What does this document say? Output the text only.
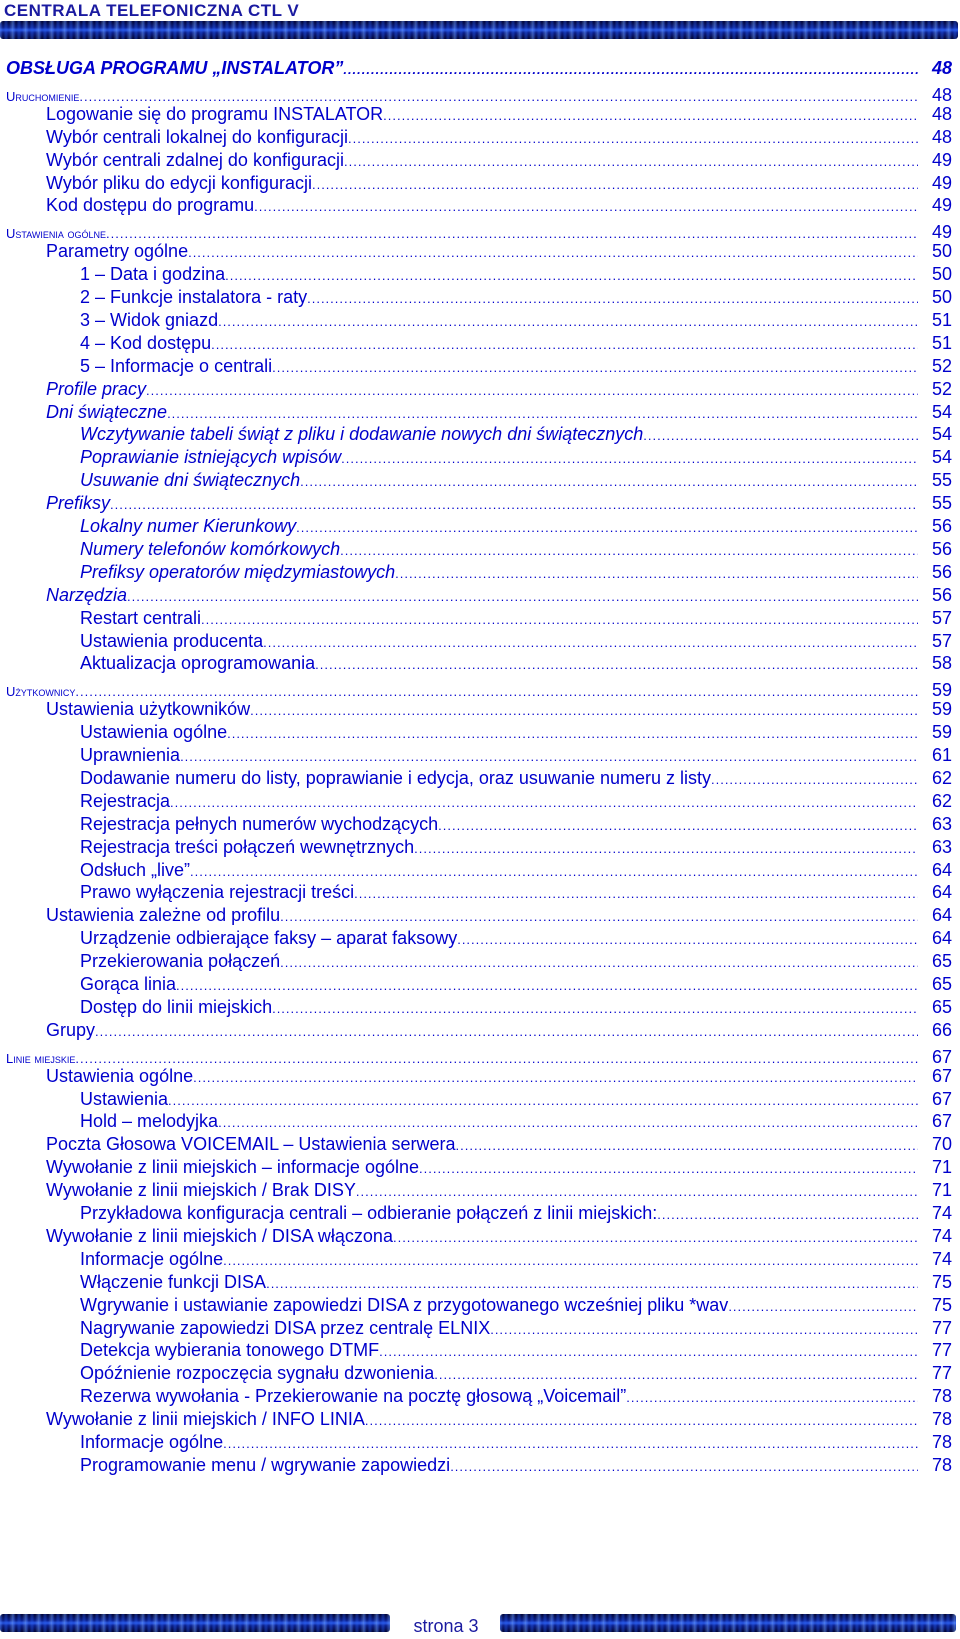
CENTRALA TELEFONICZNA CTL V
OBSŁUGA PROGRAMU „INSTALATOR” .....	48
Uruchomienie .....	48
Logowanie się do programu INSTALATOR .....	48
Wybór centrali lokalnej do konfiguracji .....	48
Wybór centrali zdalnej do konfiguracji .....	49
Wybór pliku do edycji konfiguracji .....	49
Kod dostępu do programu .....	49
Ustawienia ogólne .....	49
Parametry ogólne .....	50
1 – Data i godzina .....	50
2 – Funkcje instalatora - raty .....	50
3 – Widok gniazd .....	51
4 – Kod dostępu .....	51
5 – Informacje o centrali .....	52
Profile pracy .....	52
Dni świąteczne .....	54
Wczytywanie tabeli świąt z pliku i dodawanie nowych dni świątecznych .....	54
Poprawianie istniejących wpisów .....	54
Usuwanie dni świątecznych .....	55
Prefiksy .....	55
Lokalny numer Kierunkowy .....	56
Numery telefonów komórkowych .....	56
Prefiksy operatorów międzymiastowych .....	56
Narzędzia .....	56
Restart centrali .....	57
Ustawienia producenta .....	57
Aktualizacja oprogramowania .....	58
Użytkownicy .....	59
Ustawienia użytkowników .....	59
Ustawienia ogólne .....	59
Uprawnienia .....	61
Dodawanie numeru do listy, poprawianie i edycja, oraz usuwanie numeru z listy .....	62
Rejestracja .....	62
Rejestracja pełnych numerów wychodzących .....	63
Rejestracja treści połączeń wewnętrznych .....	63
Odsłuch „live” .....	64
Prawo wyłączenia rejestracji treści .....	64
Ustawienia zależne od profilu .....	64
Urządzenie odbierające faksy – aparat faksowy .....	64
Przekierowania połączeń .....	65
Gorąca linia .....	65
Dostęp do linii miejskich .....	65
Grupy .....	66
Linie miejskie .....	67
Ustawienia ogólne .....	67
Ustawienia .....	67
Hold – melodyjka .....	67
Poczta Głosowa VOICEMAIL – Ustawienia serwera .....	70
Wywołanie z linii miejskich – informacje ogólne .....	71
Wywołanie z linii miejskich / Brak DISY .....	71
Przykładowa konfiguracja centrali – odbieranie połączeń z linii miejskich: .....	74
Wywołanie z linii miejskich / DISA włączona .....	74
Informacje ogólne .....	74
Włączenie funkcji DISA .....	75
Wgrywanie i ustawianie zapowiedzi DISA z przygotowanego wcześniej pliku *wav .....	75
Nagrywanie zapowiedzi DISA przez centralę ELNIX .....	77
Detekcja wybierania tonowego DTMF .....	77
Opóźnienie rozpoczęcia sygnału dzwonienia .....	77
Rezerwa wywołania - Przekierowanie na pocztę głosową „Voicemail” .....	78
Wywołanie z linii miejskich / INFO LINIA .....	78
Informacje ogólne .....	78
Programowanie menu / wgrywanie zapowiedzi .....	78
strona 3
